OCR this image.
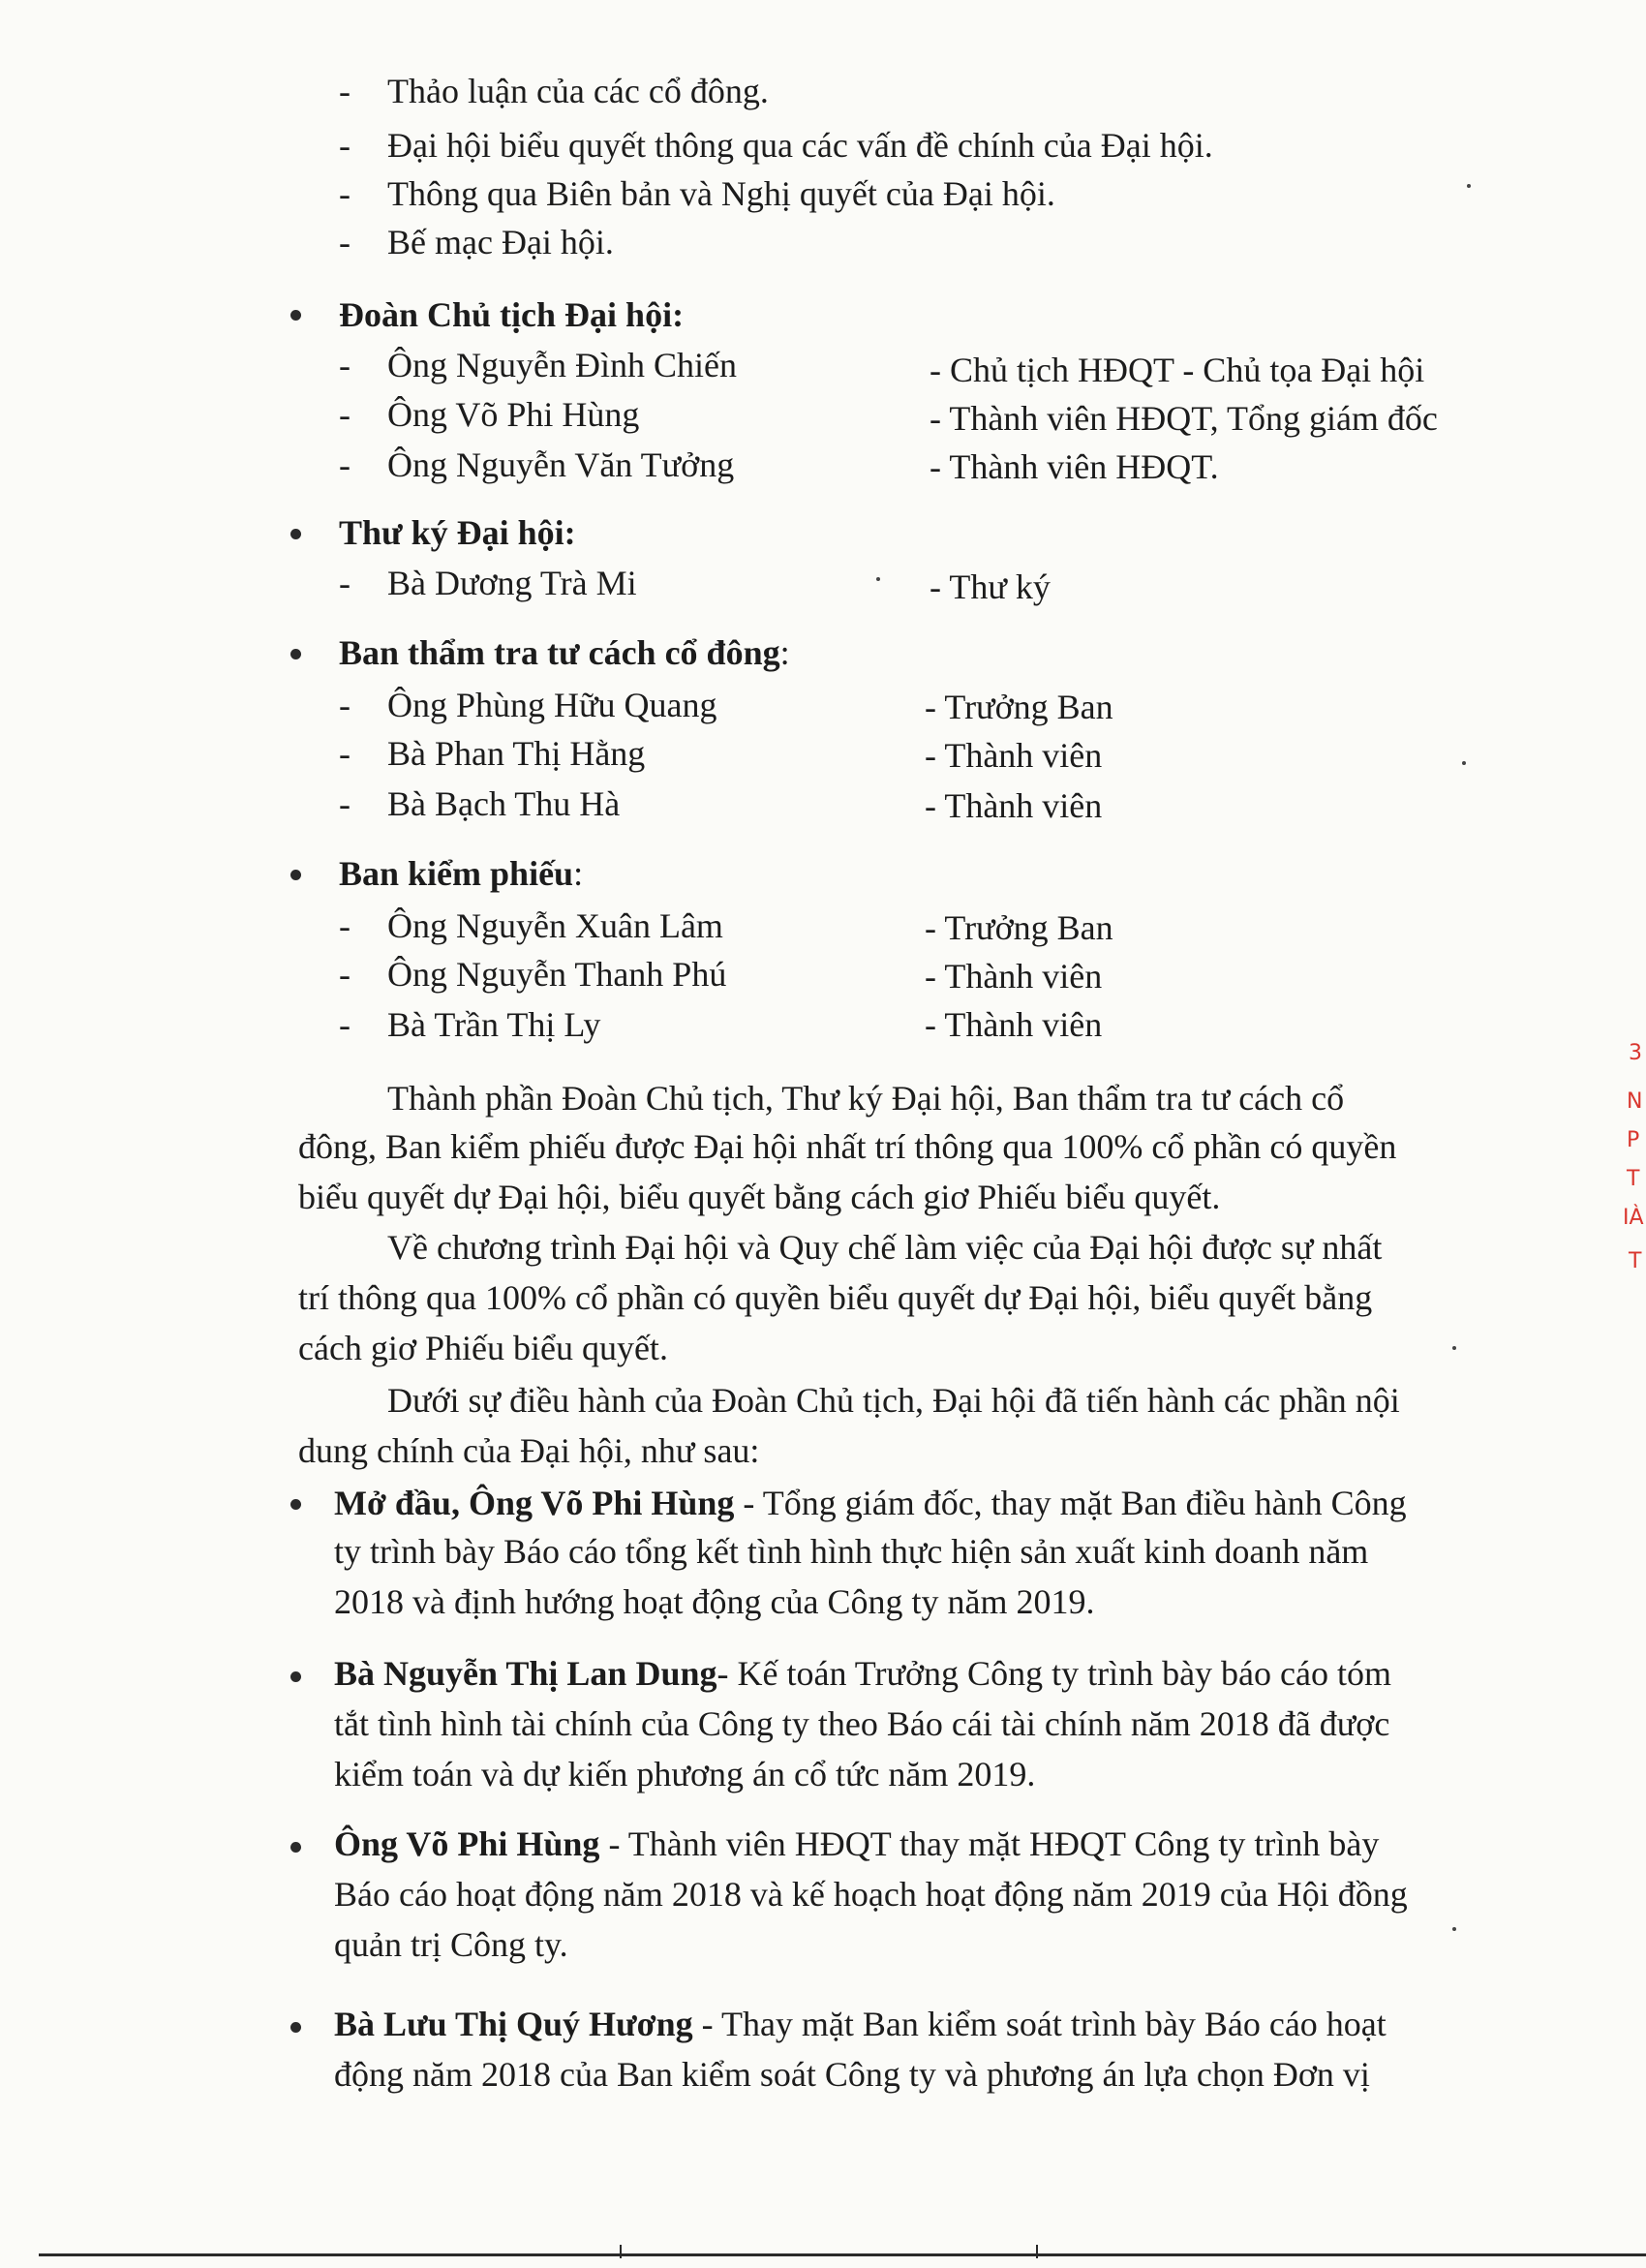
- Thảo luận của các cổ đông.
- Đại hội biểu quyết thông qua các vấn đề chính của Đại hội.
- Thông qua Biên bản và Nghị quyết của Đại hội.
- Bế mạc Đại hội.
Đoàn Chủ tịch Đại hội:
- Ông Nguyễn Đình Chiến	- Chủ tịch HĐQT - Chủ tọa Đại hội
- Ông Võ Phi Hùng	- Thành viên HĐQT, Tổng giám đốc
- Ông Nguyễn Văn Tưởng	- Thành viên HĐQT.
Thư ký Đại hội:
- Bà Dương Trà Mi	- Thư ký
Ban thẩm tra tư cách cổ đông:
- Ông Phùng Hữu Quang	- Trưởng Ban
- Bà Phan Thị Hằng	- Thành viên
- Bà Bạch Thu Hà	- Thành viên
Ban kiểm phiếu:
- Ông Nguyễn Xuân Lâm	- Trưởng Ban
- Ông Nguyễn Thanh Phú	- Thành viên
- Bà Trần Thị Ly	- Thành viên
Thành phần Đoàn Chủ tịch, Thư ký Đại hội, Ban thẩm tra tư cách cổ
đông, Ban kiểm phiếu được Đại hội nhất trí thông qua 100% cổ phần có quyền
biểu quyết dự Đại hội, biểu quyết bằng cách giơ Phiếu biểu quyết.
Về chương trình Đại hội và Quy chế làm việc của Đại hội được sự nhất
trí thông qua 100% cổ phần có quyền biểu quyết dự Đại hội, biểu quyết bằng
cách giơ Phiếu biểu quyết.
Dưới sự điều hành của Đoàn Chủ tịch, Đại hội đã tiến hành các phần nội
dung chính của Đại hội, như sau:
Mở đầu, Ông Võ Phi Hùng - Tổng giám đốc, thay mặt Ban điều hành Công
ty trình bày Báo cáo tổng kết tình hình thực hiện sản xuất kinh doanh năm
2018 và định hướng hoạt động của Công ty năm 2019.
Bà Nguyễn Thị Lan Dung- Kế toán Trưởng Công ty trình bày báo cáo tóm
tắt tình hình tài chính của Công ty theo Báo cái tài chính năm 2018 đã được
kiểm toán và dự kiến phương án cổ tức năm 2019.
Ông Võ Phi Hùng - Thành viên HĐQT thay mặt HĐQT Công ty trình bày
Báo cáo hoạt động năm 2018 và kế hoạch hoạt động năm 2019 của Hội đồng
quản trị Công ty.
Bà Lưu Thị Quý Hương - Thay mặt Ban kiểm soát trình bày Báo cáo hoạt
động năm 2018 của Ban kiểm soát Công ty và phương án lựa chọn Đơn vị
3
N
P
T
IÀ
T
